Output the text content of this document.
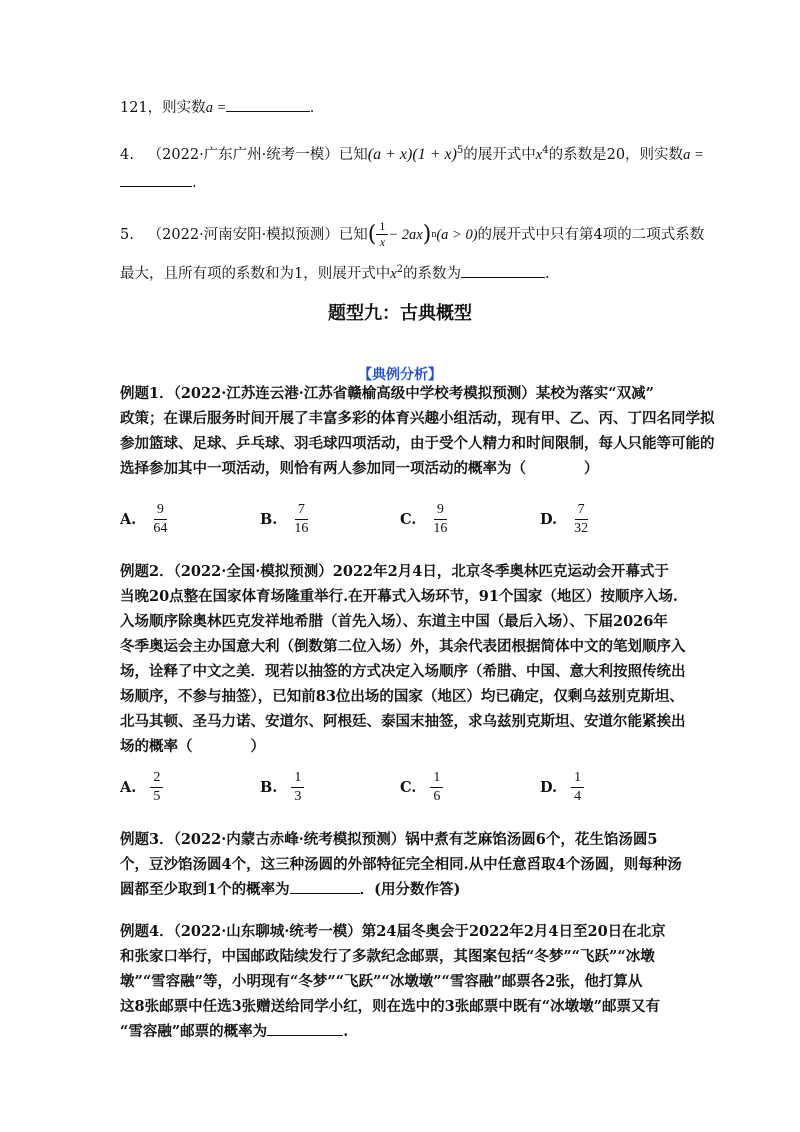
121，则实数a =	.
4. （2022·广东广州·统考一模）已知$(a + x)(1 + x)^5$的展开式中$x^4$的系数是20，则实数a =
.
5.
（2022·河南安阳·模拟预测）已知 ( $\frac{1}{x} - 2ax$ ) n (a > 0) 的展开式中只有第4项的二项式系数
最大，且所有项的系数和为1，则展开式中$x^2$的系数为	.
题型九：古典概型
【典例分析】
例题1．（2022·江苏连云港·江苏省赣榆高级中学校考模拟预测）某校为落实“双减”
政策；在课后服务时间开展了丰富多彩的体育兴趣小组活动，现有甲、乙、丙、丁四名同学拟
参加篮球、足球、乒乓球、羽毛球四项活动，由于受个人精力和时间限制，每人只能等可能的
选择参加其中一项活动，则恰有两人参加同一项活动的概率为（　　　　）
A. $\frac{9}{64}$	B. $\frac{7}{16}$	C. $\frac{9}{16}$	D. $\frac{7}{32}$
例题2．（2022·全国·模拟预测）2022年2月4日，北京冬季奥林匹克运动会开幕式于
当晚20点整在国家体育场隆重举行.在开幕式入场环节，91个国家（地区）按顺序入场.
入场顺序除奥林匹克发祥地希腊（首先入场）、东道主中国（最后入场）、下届2026年
冬季奥运会主办国意大利（倒数第二位入场）外，其余代表团根据简体中文的笔划顺序入
场，诠释了中文之美．现若以抽签的方式决定入场顺序（希腊、中国、意大利按照传统出
场顺序，不参与抽签），已知前83位出场的国家（地区）均已确定，仅剩乌兹别克斯坦、
北马其顿、圣马力诺、安道尔、阿根廷、泰国末抽签，求乌兹别克斯坦、安道尔能紧挨出
场的概率（　　　　）
A. $\frac{2}{5}$	B. $\frac{1}{3}$	C. $\frac{1}{6}$	D. $\frac{1}{4}$
例题3．（2022·内蒙古赤峰·统考模拟预测）锅中煮有芝麻馅汤圆6个，花生馅汤圆5
个，豆沙馅汤圆4个，这三种汤圆的外部特征完全相同.从中任意舀取4个汤圆，则每种汤
圆都至少取到1个的概率为	．(用分数作答)
例题4．（2022·山东聊城·统考一模）第24届冬奥会于2022年2月4日至20日在北京
和张家口举行，中国邮政陆续发行了多款纪念邮票，其图案包括“冬梦”“飞跃”“冰墩
墩”“雪容融”等，小明现有“冬梦”“飞跃”“冰墩墩”“雪容融”邮票各2张，他打算从
这8张邮票中任选3张赠送给同学小红，则在选中的3张邮票中既有“冰墩墩”邮票又有
“雪容融”邮票的概率为	.
